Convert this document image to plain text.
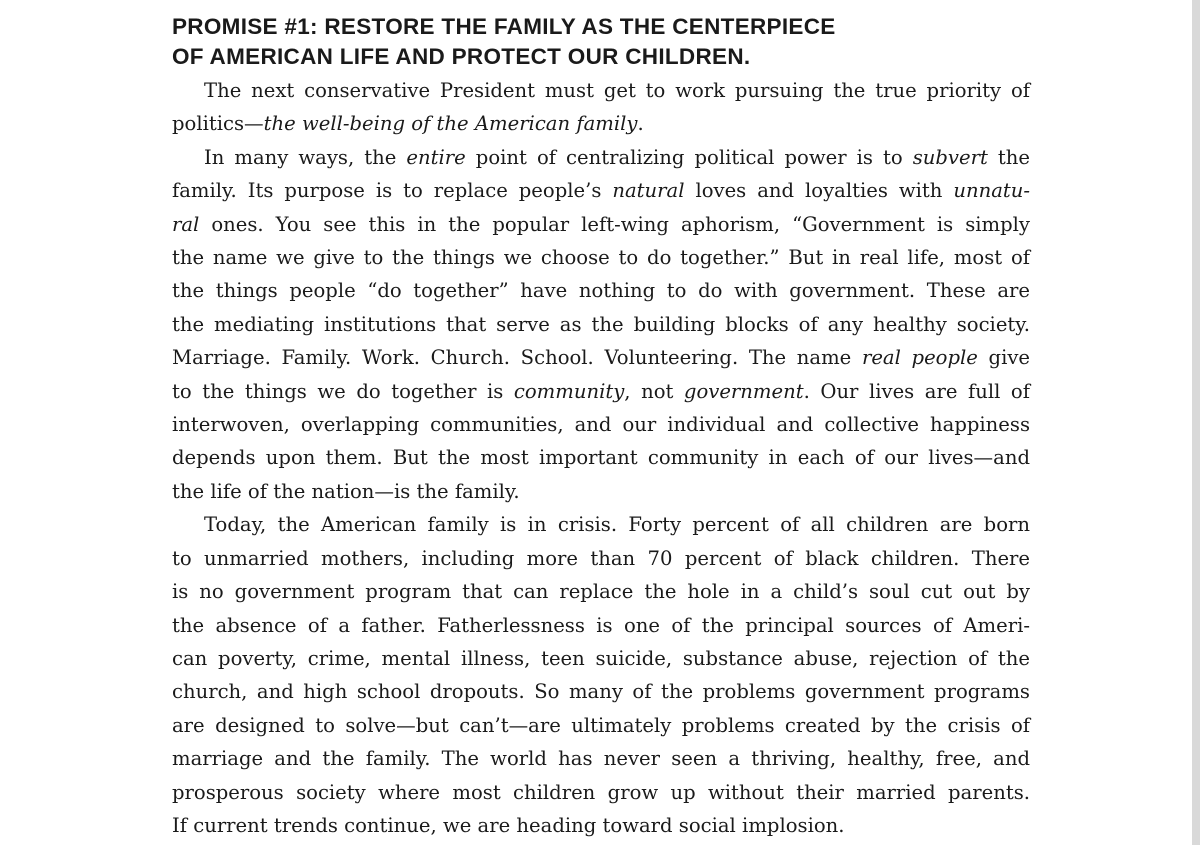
PROMISE #1: RESTORE THE FAMILY AS THE CENTERPIECE
OF AMERICAN LIFE AND PROTECT OUR CHILDREN.
The next conservative President must get to work pursuing the true priority of
politics—the well-being of the American family.
In many ways, the entire point of centralizing political power is to subvert the
family. Its purpose is to replace people’s natural loves and loyalties with unnatu-
ral ones. You see this in the popular left-wing aphorism, “Government is simply
the name we give to the things we choose to do together.” But in real life, most of
the things people “do together” have nothing to do with government. These are
the mediating institutions that serve as the building blocks of any healthy society.
Marriage. Family. Work. Church. School. Volunteering. The name real people give
to the things we do together is community, not government. Our lives are full of
interwoven, overlapping communities, and our individual and collective happiness
depends upon them. But the most important community in each of our lives—and
the life of the nation—is the family.
Today, the American family is in crisis. Forty percent of all children are born
to unmarried mothers, including more than 70 percent of black children. There
is no government program that can replace the hole in a child’s soul cut out by
the absence of a father. Fatherlessness is one of the principal sources of Ameri-
can poverty, crime, mental illness, teen suicide, substance abuse, rejection of the
church, and high school dropouts. So many of the problems government programs
are designed to solve—but can’t—are ultimately problems created by the crisis of
marriage and the family. The world has never seen a thriving, healthy, free, and
prosperous society where most children grow up without their married parents.
If current trends continue, we are heading toward social implosion.
